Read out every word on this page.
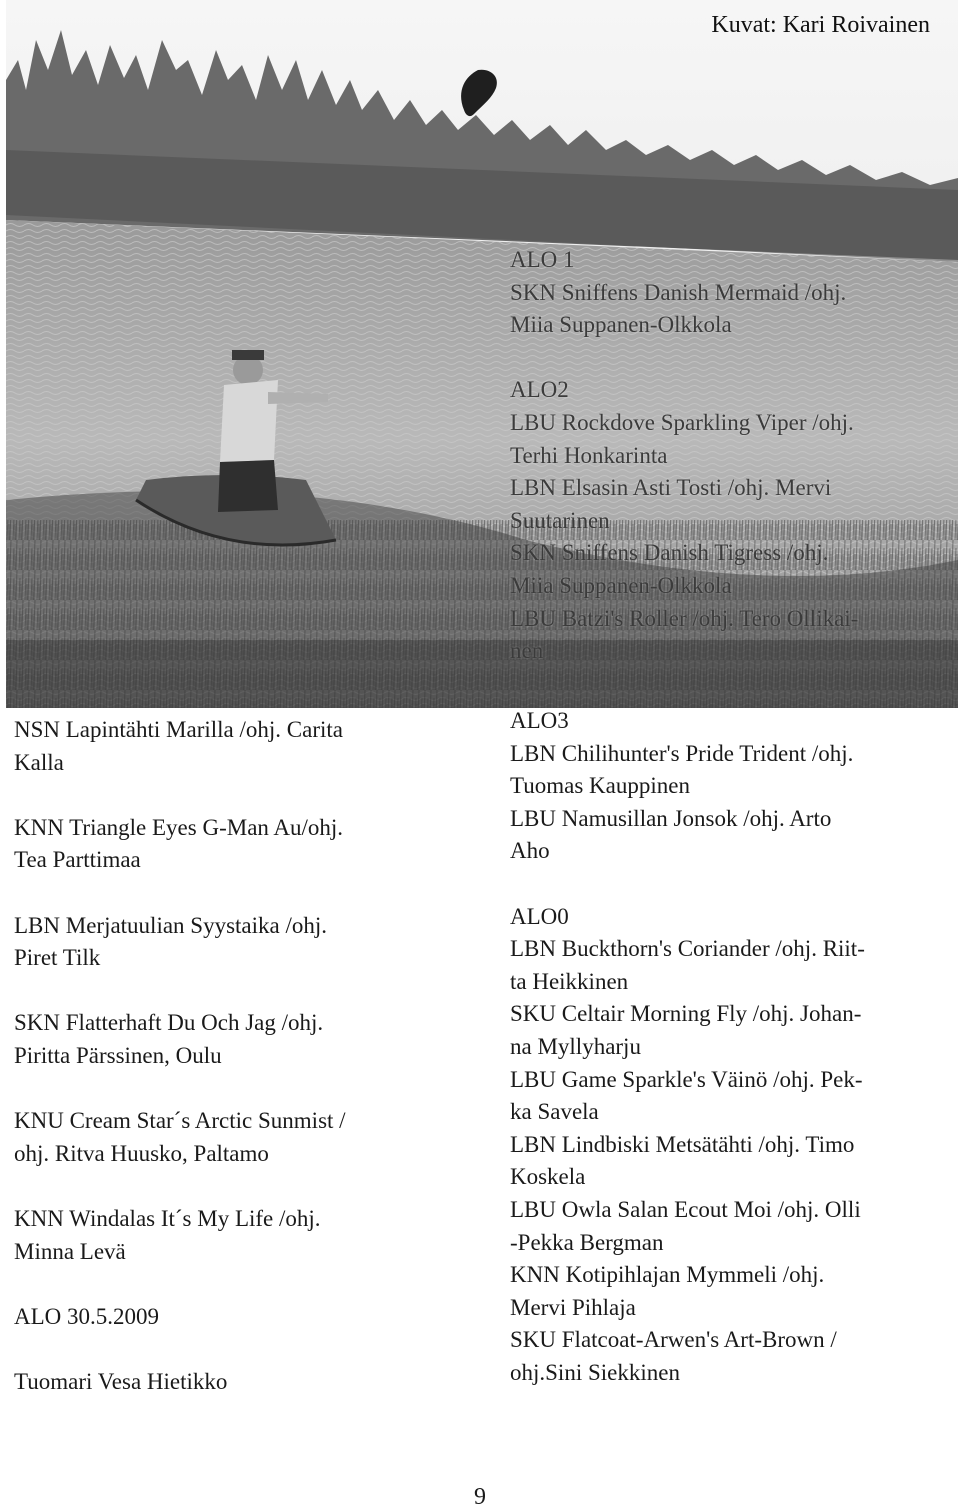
Kuvat: Kari Roivainen
ALO 1
SKN Sniffens Danish Mermaid /ohj.
Miia Suppanen-Olkkola
ALO2
LBU Rockdove Sparkling Viper /ohj.
Terhi Honkarinta
LBN Elsasin Asti Tosti /ohj. Mervi
Suutarinen
SKN Sniffens Danish Tigress /ohj.
Miia Suppanen-Olkkola
LBU Batzi's Roller /ohj. Tero Ollikai-
nen
NSN Lapintähti Marilla /ohj. Carita
Kalla
KNN Triangle Eyes G-Man Au/ohj.
Tea Parttimaa
LBN Merjatuulian Syystaika /ohj.
Piret Tilk
SKN Flatterhaft Du Och Jag /ohj.
Piritta Pärssinen, Oulu
KNU Cream Star´s Arctic Sunmist /
ohj. Ritva Huusko, Paltamo
KNN Windalas It´s My Life /ohj.
Minna Levä
ALO 30.5.2009
Tuomari Vesa Hietikko
ALO3
LBN Chilihunter's Pride Trident /ohj.
Tuomas Kauppinen
LBU Namusillan Jonsok /ohj. Arto
Aho
ALO0
LBN Buckthorn's Coriander /ohj. Riit-
ta Heikkinen
SKU Celtair Morning Fly /ohj. Johan-
na Myllyharju
LBU Game Sparkle's Väinö /ohj. Pek-
ka Savela
LBN Lindbiski Metsätähti /ohj. Timo
Koskela
LBU Owla Salan Ecout Moi /ohj. Olli
-Pekka Bergman
KNN Kotipihlajan Mymmeli /ohj.
Mervi Pihlaja
SKU Flatcoat-Arwen's Art-Brown /
ohj.Sini Siekkinen
9
